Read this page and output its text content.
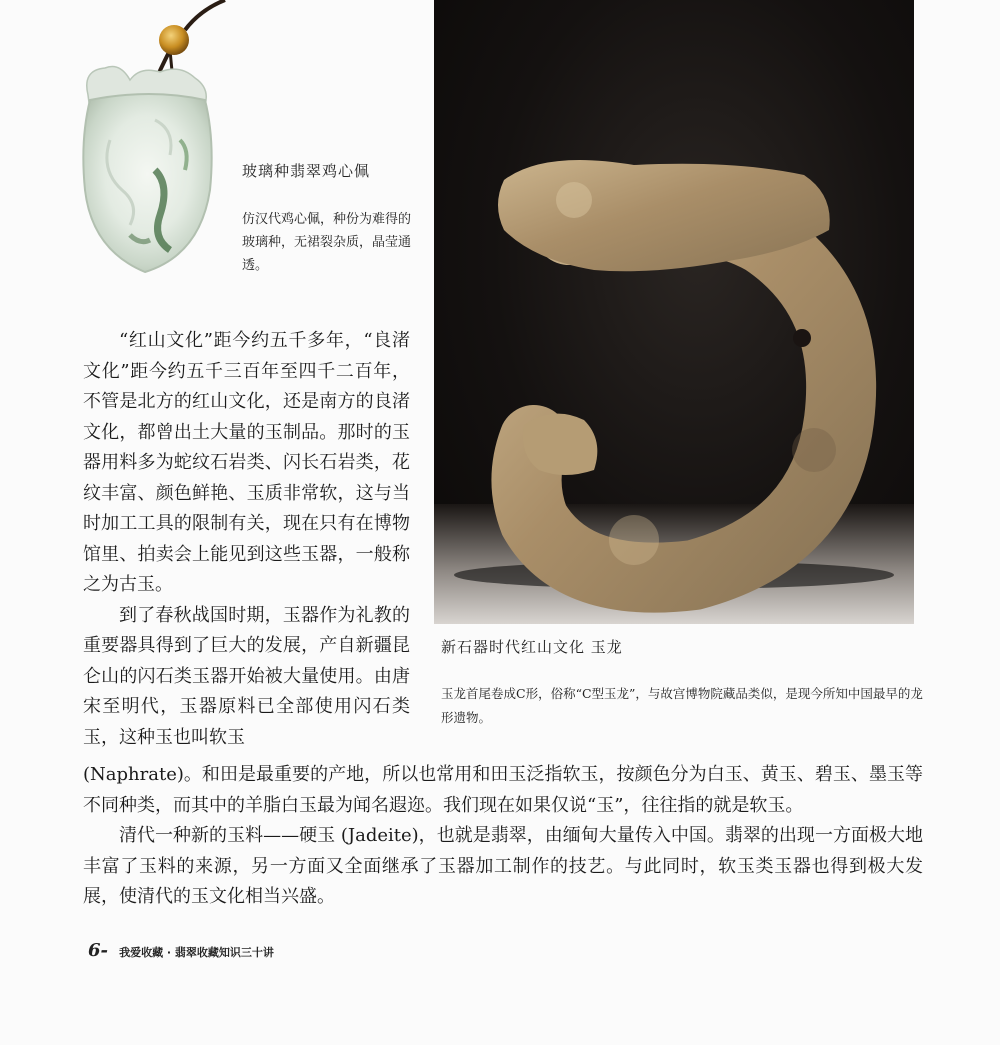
玻璃种翡翠鸡心佩
仿汉代鸡心佩，种份为难得的玻璃种，无裙裂杂质，晶莹通透。
新石器时代红山文化 玉龙
玉龙首尾卷成C形，俗称“C型玉龙”，与故宫博物院藏品类似，是现今所知中国最早的龙形遗物。

“红山文化”距今约五千多年，“良渚文化”距今约五千三百年至四千二百年，不管是北方的红山文化，还是南方的良渚文化，都曾出土大量的玉制品。那时的玉器用料多为蛇纹石岩类、闪长石岩类，花纹丰富、颜色鲜艳、玉质非常软，这与当时加工工具的限制有关，现在只有在博物馆里、拍卖会上能见到这些玉器，一般称之为古玉。

到了春秋战国时期，玉器作为礼教的重要器具得到了巨大的发展，产自新疆昆仑山的闪石类玉器开始被大量使用。由唐宋至明代，玉器原料已全部使用闪石类玉，这种玉也叫软玉

(Naphrate)。和田是最重要的产地，所以也常用和田玉泛指软玉，按颜色分为白玉、黄玉、碧玉、墨玉等不同种类，而其中的羊脂白玉最为闻名遐迩。我们现在如果仅说“玉”，往往指的就是软玉。

清代一种新的玉料——硬玉 (Jadeite)，也就是翡翠，由缅甸大量传入中国。翡翠的出现一方面极大地丰富了玉料的来源，另一方面又全面继承了玉器加工制作的技艺。与此同时，软玉类玉器也得到极大发展，使清代的玉文化相当兴盛。

6- 我爱收藏 · 翡翠收藏知识三十讲
